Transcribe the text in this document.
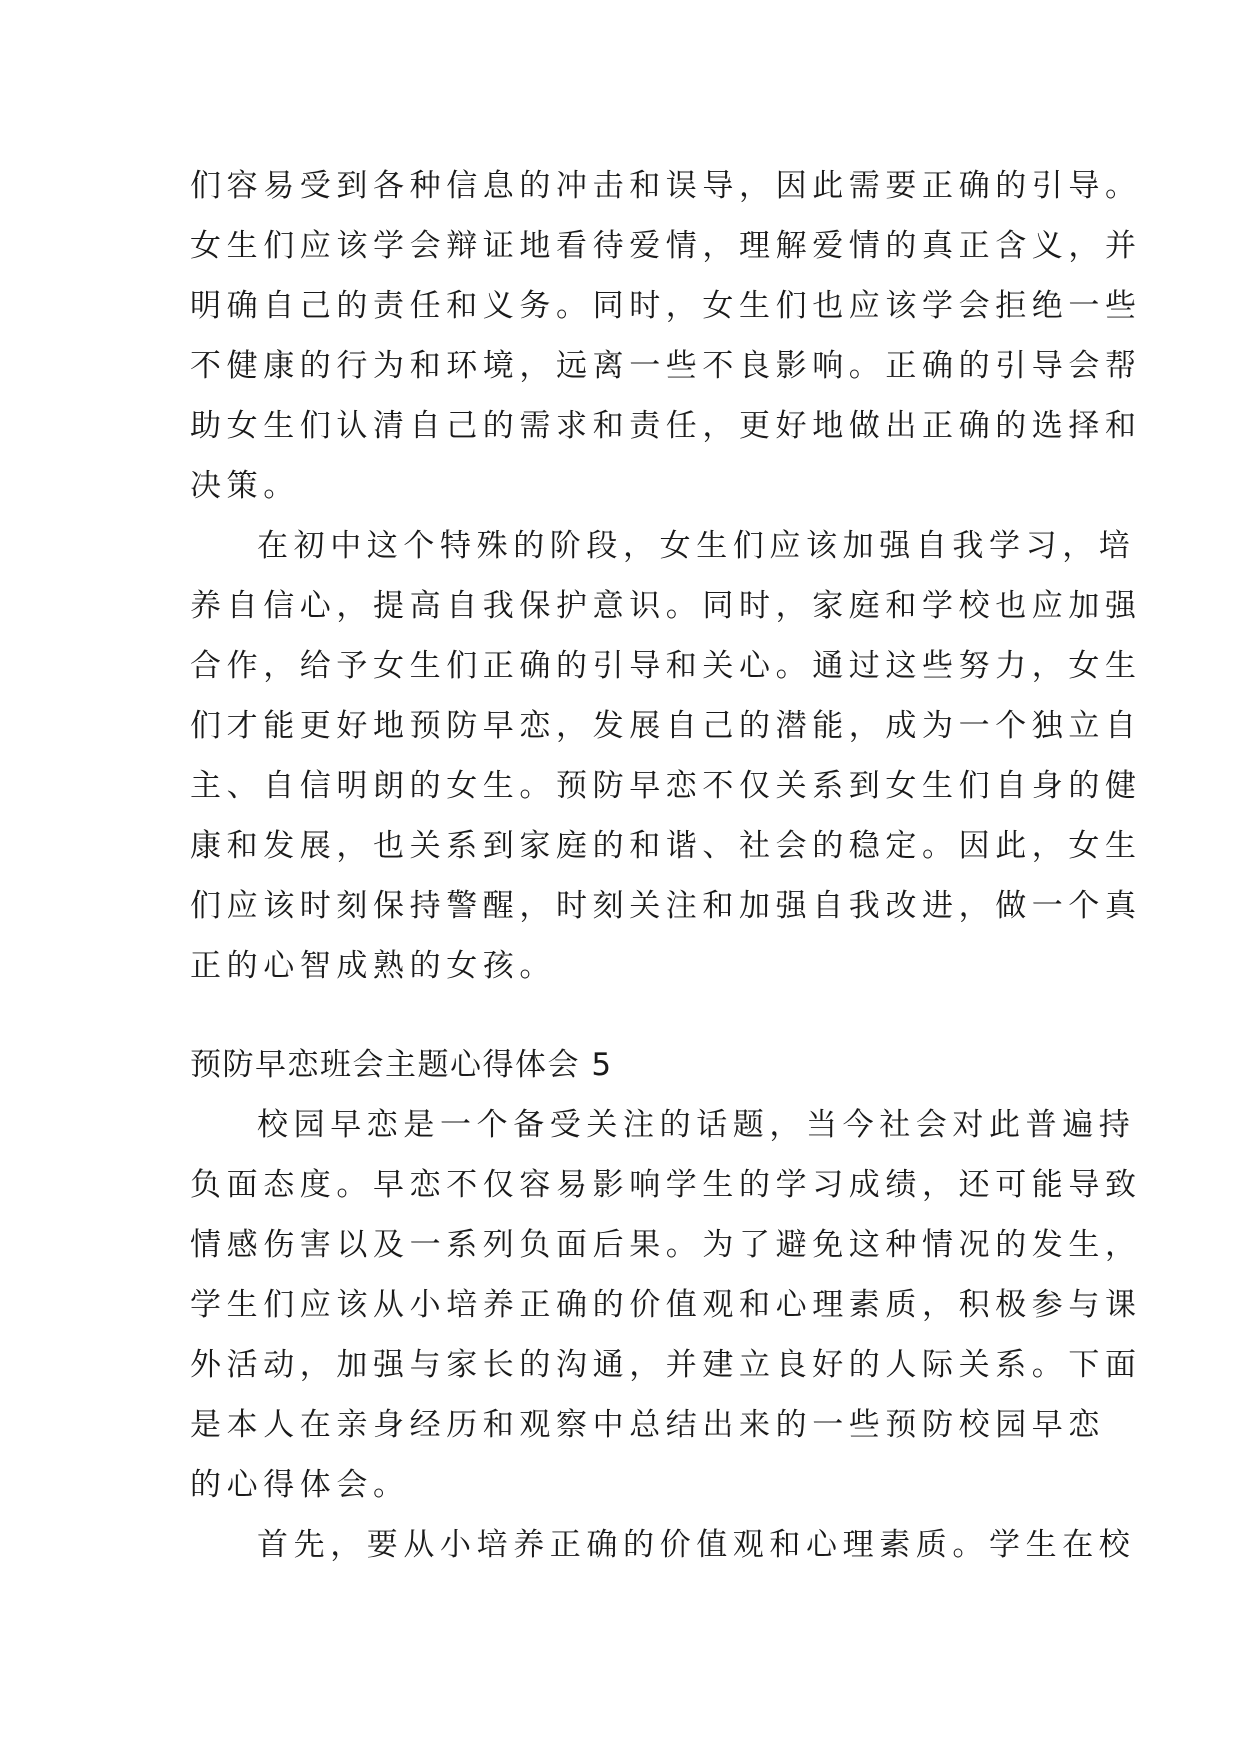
们容易受到各种信息的冲击和误导，因此需要正确的引导。
女生们应该学会辩证地看待爱情，理解爱情的真正含义，并
明确自己的责任和义务。同时，女生们也应该学会拒绝一些
不健康的行为和环境，远离一些不良影响。正确的引导会帮
助女生们认清自己的需求和责任，更好地做出正确的选择和
决策。
在初中这个特殊的阶段，女生们应该加强自我学习，培
养自信心，提高自我保护意识。同时，家庭和学校也应加强
合作，给予女生们正确的引导和关心。通过这些努力，女生
们才能更好地预防早恋，发展自己的潜能，成为一个独立自
主、自信明朗的女生。预防早恋不仅关系到女生们自身的健
康和发展，也关系到家庭的和谐、社会的稳定。因此，女生
们应该时刻保持警醒，时刻关注和加强自我改进，做一个真
正的心智成熟的女孩。
预防早恋班会主题心得体会 5
校园早恋是一个备受关注的话题，当今社会对此普遍持
负面态度。早恋不仅容易影响学生的学习成绩，还可能导致
情感伤害以及一系列负面后果。为了避免这种情况的发生，
学生们应该从小培养正确的价值观和心理素质，积极参与课
外活动，加强与家长的沟通，并建立良好的人际关系。下面
是本人在亲身经历和观察中总结出来的一些预防校园早恋
的心得体会。
首先，要从小培养正确的价值观和心理素质。学生在校
